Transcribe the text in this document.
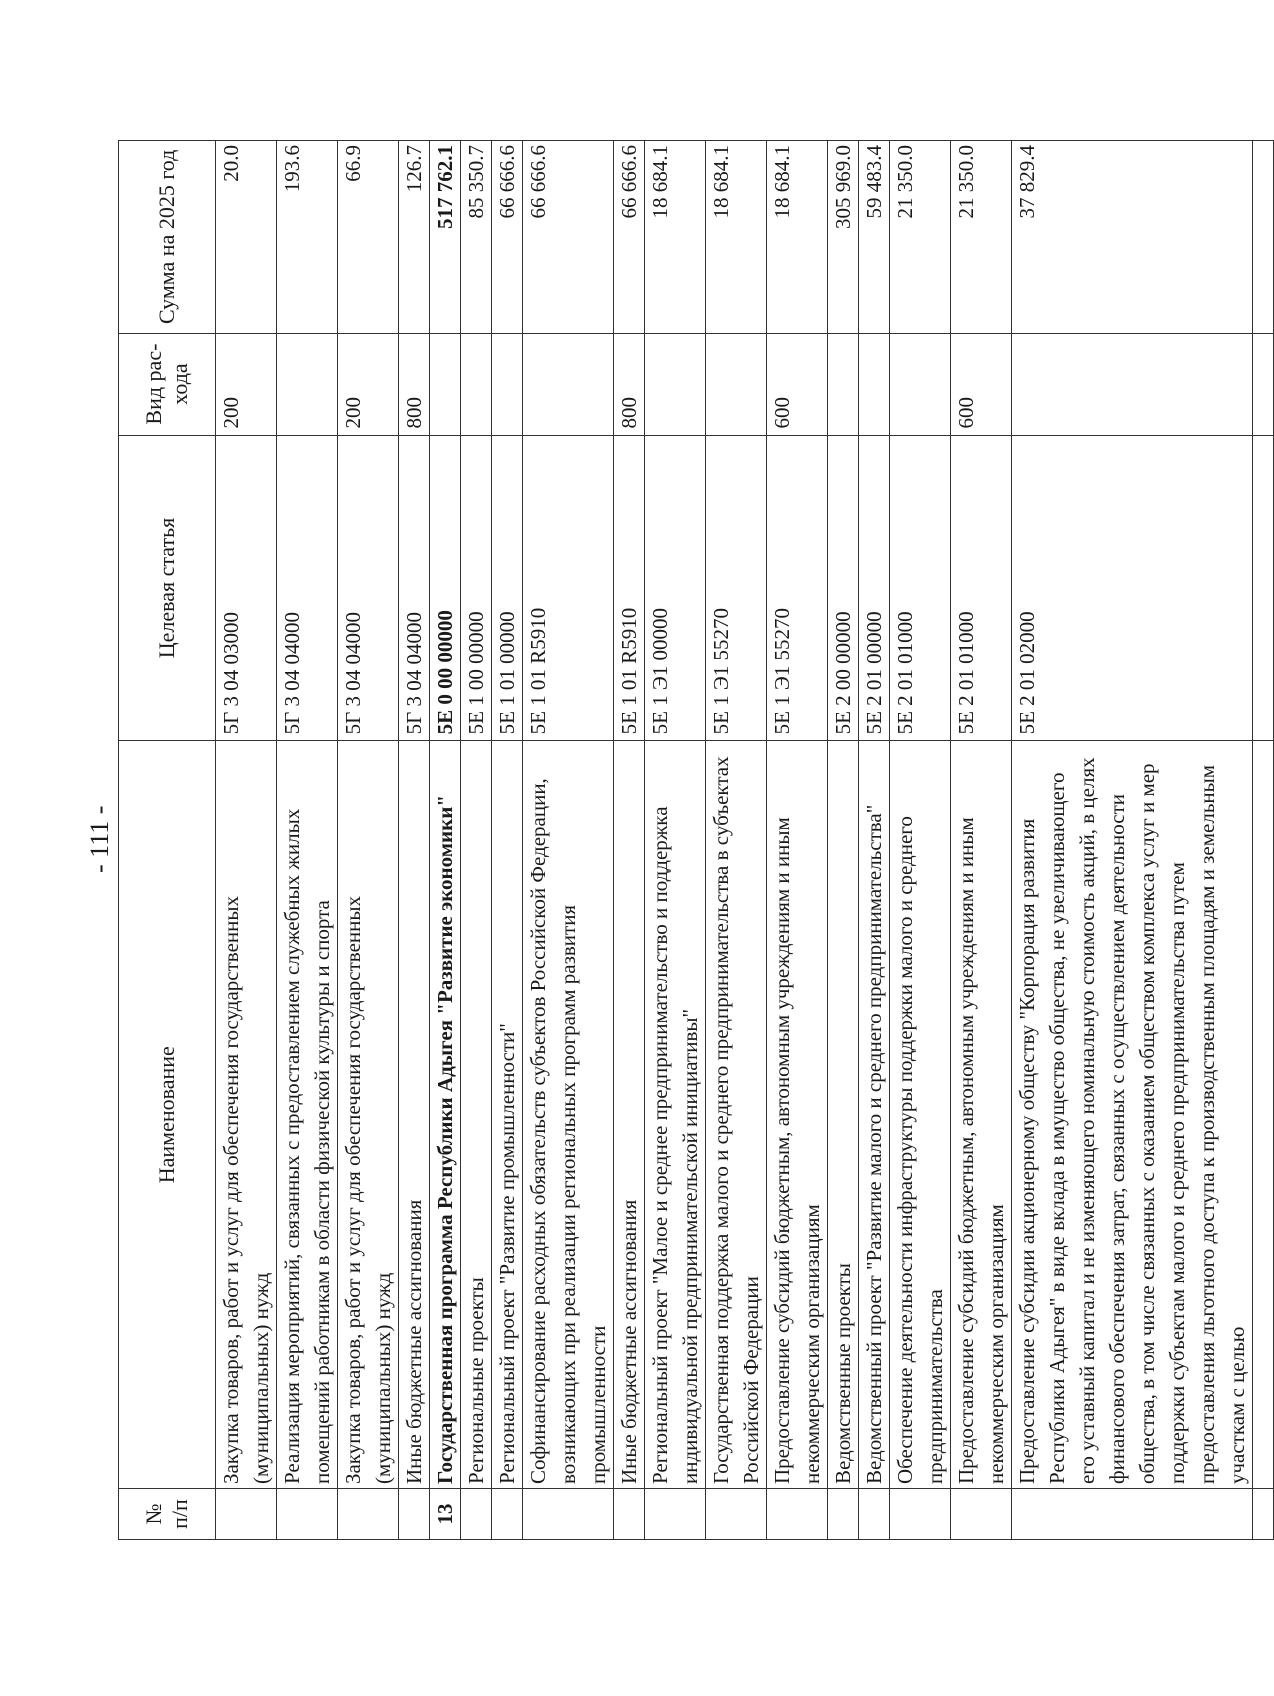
- 111 -
№ п/п	Наименование	Целевая статья	Вид рас-хода	Сумма на 2025 год
	Закупка товаров, работ и услуг для обеспечения государственных (муниципальных) нужд	5Г 3 04 03000	200	20.0
	Реализация мероприятий, связанных с предоставлением служебных жилых помещений работникам в области физической культуры и спорта	5Г 3 04 04000		193.6
	Закупка товаров, работ и услуг для обеспечения государственных (муниципальных) нужд	5Г 3 04 04000	200	66.9
	Иные бюджетные ассигнования	5Г 3 04 04000	800	126.7
13	Государственная программа Республики Адыгея "Развитие экономики"	5Е 0 00 00000		517 762.1
	Региональные проекты	5Е 1 00 00000		85 350.7
	Региональный проект "Развитие промышленности"	5Е 1 01 00000		66 666.6
	Софинансирование расходных обязательств субъектов Российской Федерации, возникающих при реализации региональных программ развития промышленности	5Е 1 01 R5910		66 666.6
	Иные бюджетные ассигнования	5Е 1 01 R5910	800	66 666.6
	Региональный проект "Малое и среднее предпринимательство и поддержка индивидуальной предпринимательской инициативы"	5Е 1 Э1 00000		18 684.1
	Государственная поддержка малого и среднего предпринимательства в субъектах Российской Федерации	5Е 1 Э1 55270		18 684.1
	Предоставление субсидий бюджетным, автономным учреждениям и иным некоммерческим организациям	5Е 1 Э1 55270	600	18 684.1
	Ведомственные проекты	5Е 2 00 00000		305 969.0
	Ведомственный проект "Развитие малого и среднего предпринимательства"	5Е 2 01 00000		59 483.4
	Обеспечение деятельности инфраструктуры поддержки малого и среднего предпринимательства	5Е 2 01 01000		21 350.0
	Предоставление субсидий бюджетным, автономным учреждениям и иным некоммерческим организациям	5Е 2 01 01000	600	21 350.0
	Предоставление субсидии акционерному обществу "Корпорация развития Республики Адыгея" в виде вклада в имущество общества, не увеличивающего его уставный капитал и не изменяющего номинальную стоимость акций, в целях финансового обеспечения затрат, связанных с осуществлением деятельности общества, в том числе связанных с оказанием обществом комплекса услуг и мер поддержки субъектам малого и среднего предпринимательства путем предоставления льготного доступа к производственным площадям и земельным участкам с целью	5Е 2 01 02000		37 829.4
